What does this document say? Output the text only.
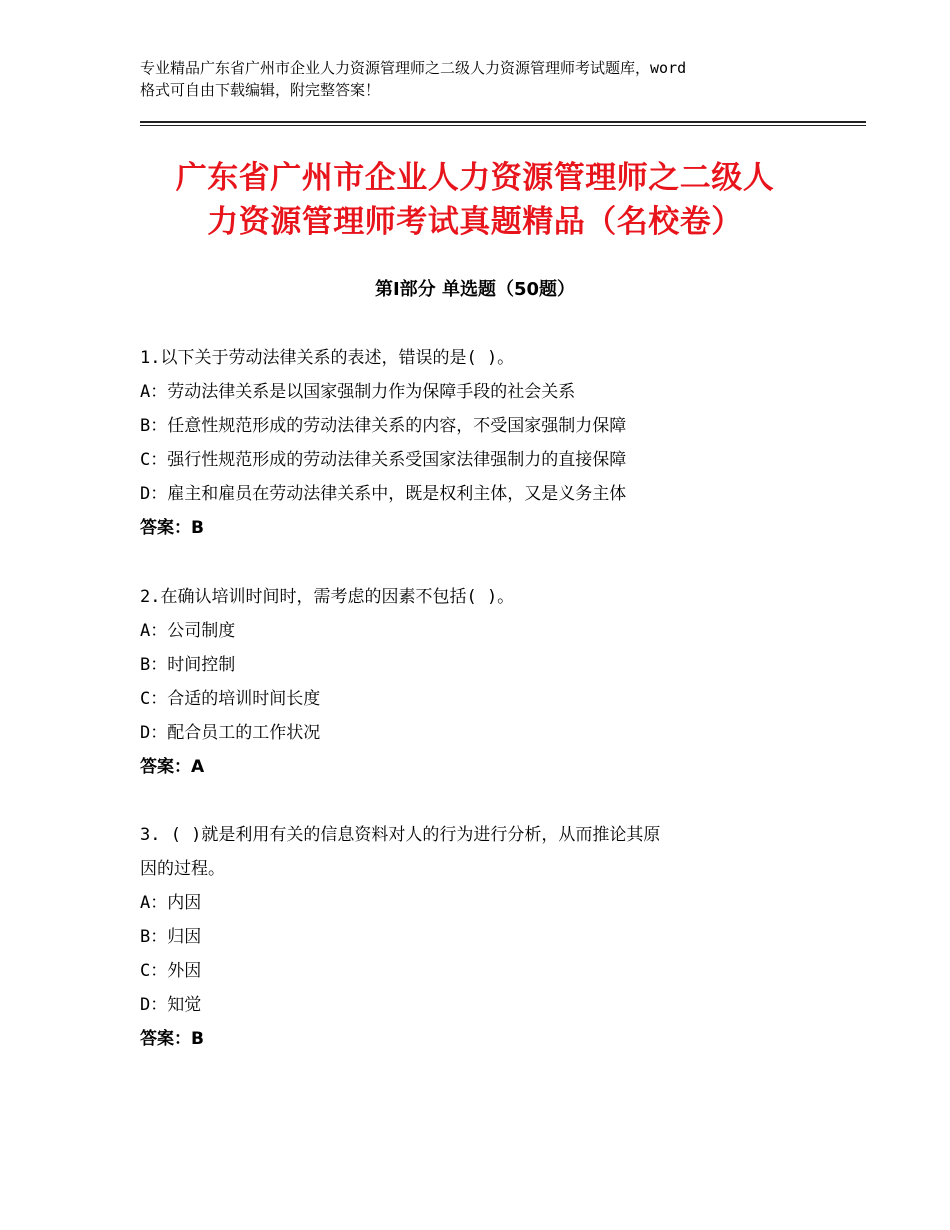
专业精品广东省广州市企业人力资源管理师之二级人力资源管理师考试题库，word
格式可自由下载编辑，附完整答案！
广东省广州市企业人力资源管理师之二级人
力资源管理师考试真题精品（名校卷）
第Ⅰ部分 单选题（50题）
1.以下关于劳动法律关系的表述，错误的是( )。
A：劳动法律关系是以国家强制力作为保障手段的社会关系
B：任意性规范形成的劳动法律关系的内容，不受国家强制力保障
C：强行性规范形成的劳动法律关系受国家法律强制力的直接保障
D：雇主和雇员在劳动法律关系中，既是权利主体，又是义务主体
答案：B
2.在确认培训时间时，需考虑的因素不包括( )。
A：公司制度
B：时间控制
C：合适的培训时间长度
D：配合员工的工作状况
答案：A
3. ( )就是利用有关的信息资料对人的行为进行分析，从而推论其原
因的过程。
A：内因
B：归因
C：外因
D：知觉
答案：B
